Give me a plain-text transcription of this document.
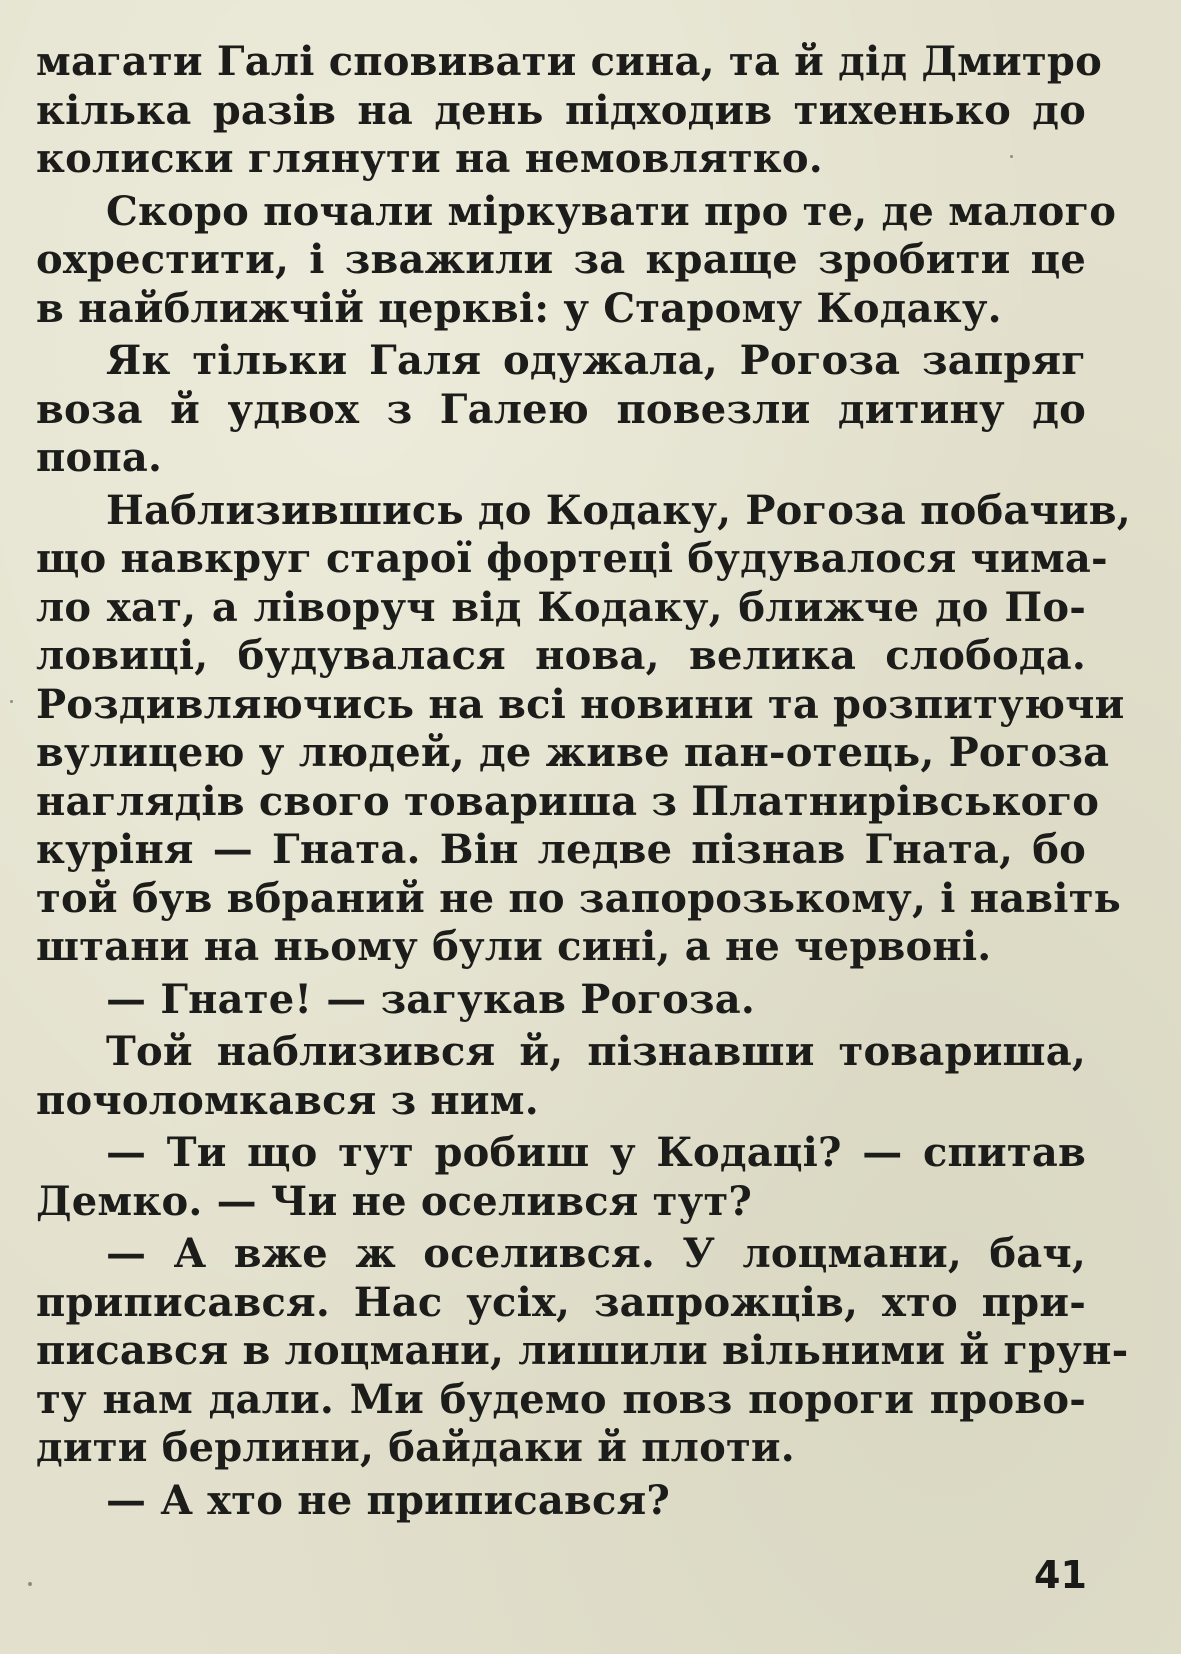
магати Галі сповивати сина, та й дід Дмитро
кілька разів на день підходив тихенько до
колиски глянути на немовлятко.
Скоро почали міркувати про те, де малого
охрестити, і зважили за краще зробити це
в найближчій церкві: у Старому Кодаку.
Як тільки Галя одужала, Рогоза запряг
воза й удвох з Галею повезли дитину до
попа.
Наблизившись до Кодаку, Рогоза побачив,
що навкруг старої фортеці будувалося чима-
ло хат, а ліворуч від Кодаку, ближче до По-
ловиці, будувалася нова, велика слобода.
Роздивляючись на всі новини та розпитуючи
вулицею у людей, де живе пан-отець, Рогоза
наглядів свого товариша з Платнирівського
куріня — Гната. Він ледве пізнав Гната, бо
той був вбраний не по запорозькому, і навіть
штани на ньому були сині, а не червоні.
— Гнате! — загукав Рогоза.
Той наблизився й, пізнавши товариша,
почоломкався з ним.
— Ти що тут робиш у Кодаці? — спитав
Демко. — Чи не оселився тут?
— А вже ж оселився. У лоцмани, бач,
приписався. Нас усіх, запрожців, хто при-
писався в лоцмани, лишили вільними й грун-
ту нам дали. Ми будемо повз пороги прово-
дити берлини, байдаки й плоти.
— А хто не приписався?
41
